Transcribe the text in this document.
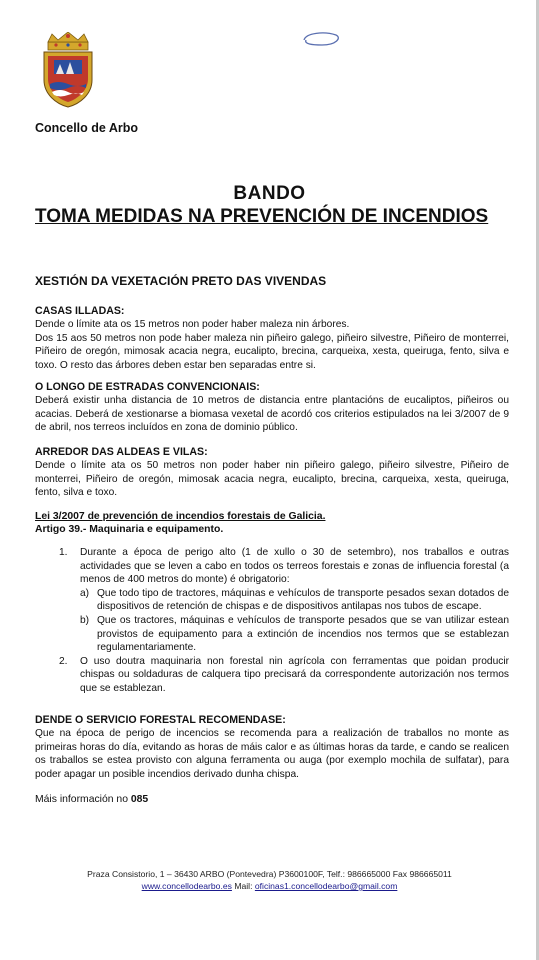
Concello de Arbo
BANDO
TOMA MEDIDAS NA PREVENCIÓN DE INCENDIOS
XESTIÓN DA VEXETACIÓN PRETO DAS VIVENDAS
CASAS ILLADAS:

Dende o límite ata os 15 metros non poder haber maleza nin árbores.

Dos 15 aos 50 metros non pode haber maleza nin piñeiro galego, piñeiro silvestre, Piñeiro de monterrei, Piñeiro de oregón, mimosak acacia negra, eucalipto, brecina, carqueixa, xesta, queiruga, fento, silva e toxo. O resto das árbores deben estar ben separadas entre si.

O LONGO DE ESTRADAS CONVENCIONAIS:

Deberá existir unha distancia de 10 metros de distancia entre plantacións de eucaliptos, piñeiros ou acacias. Deberá de xestionarse a biomasa vexetal de acordó cos criterios estipulados na lei 3/2007 de 9 de abril, nos terreos incluídos en zona de dominio público.

ARREDOR DAS ALDEAS E VILAS:

Dende o límite ata os 50 metros non poder haber nin piñeiro galego, piñeiro silvestre, Piñeiro de monterrei, Piñeiro de oregón, mimosak acacia negra, eucalipto, brecina, carqueixa, xesta, queiruga, fento, silva e toxo.

Lei 3/2007 de prevención de incendios forestais de Galicia.
Artigo 39.- Maquinaria e equipamento.
1. Durante a época de perigo alto (1 de xullo o 30 de setembro), nos traballos e outras actividades que se leven a cabo en todos os terreos forestais e zonas de influencia forestal (a menos de 400 metros do monte) é obrigatorio:
a) Que todo tipo de tractores, máquinas e vehículos de transporte pesados sexan dotados de dispositivos de retención de chispas e de dispositivos antilapas nos tubos de escape.
b) Que os tractores, máquinas e vehículos de transporte pesados que se van utilizar estean provistos de equipamento para a extinción de incendios nos termos que se establezan regulamentariamente.
2. O uso doutra maquinaria non forestal nin agrícola con ferramentas que poidan producir chispas ou soldaduras de calquera tipo precisará da correspondente autorización nos termos que se establezan.
DENDE O SERVICIO FORESTAL RECOMENDASE:

Que na época de perigo de incencios se recomenda para a realización de traballos no monte as primeiras horas do día, evitando as horas de máis calor e as últimas horas da tarde, e cando se realicen os traballos se estea provisto con alguna ferramenta ou auga (por exemplo mochila de sulfatar), para poder apagar un posible incendios derivado dunha chispa.

Máis información no 085
Praza Consistorio, 1 – 36430 ARBO (Pontevedra) P3600100F, Telf.: 986665000 Fax 986665011
www.concellodearbo.es Mail: oficinas1.concellodearbo@gmail.com
